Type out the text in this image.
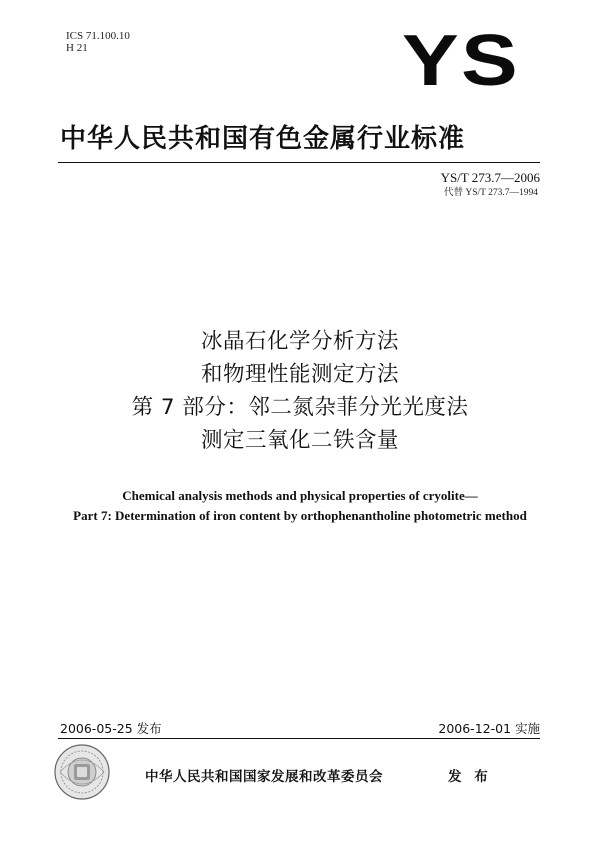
ICS 71.100.10
H 21	YS
中华人民共和国有色金属行业标准
YS/T 273.7—2006
代替 YS/T 273.7—1994
冰晶石化学分析方法
和物理性能测定方法
第 7 部分：邻二氮杂菲分光光度法
测定三氧化二铁含量
Chemical analysis methods and physical properties of cryolite—
Part 7: Determination of iron content by orthophenantholine photometric method
2006-05-25 发布	2006-12-01 实施
中华人民共和国国家发展和改革委员会	发 布
